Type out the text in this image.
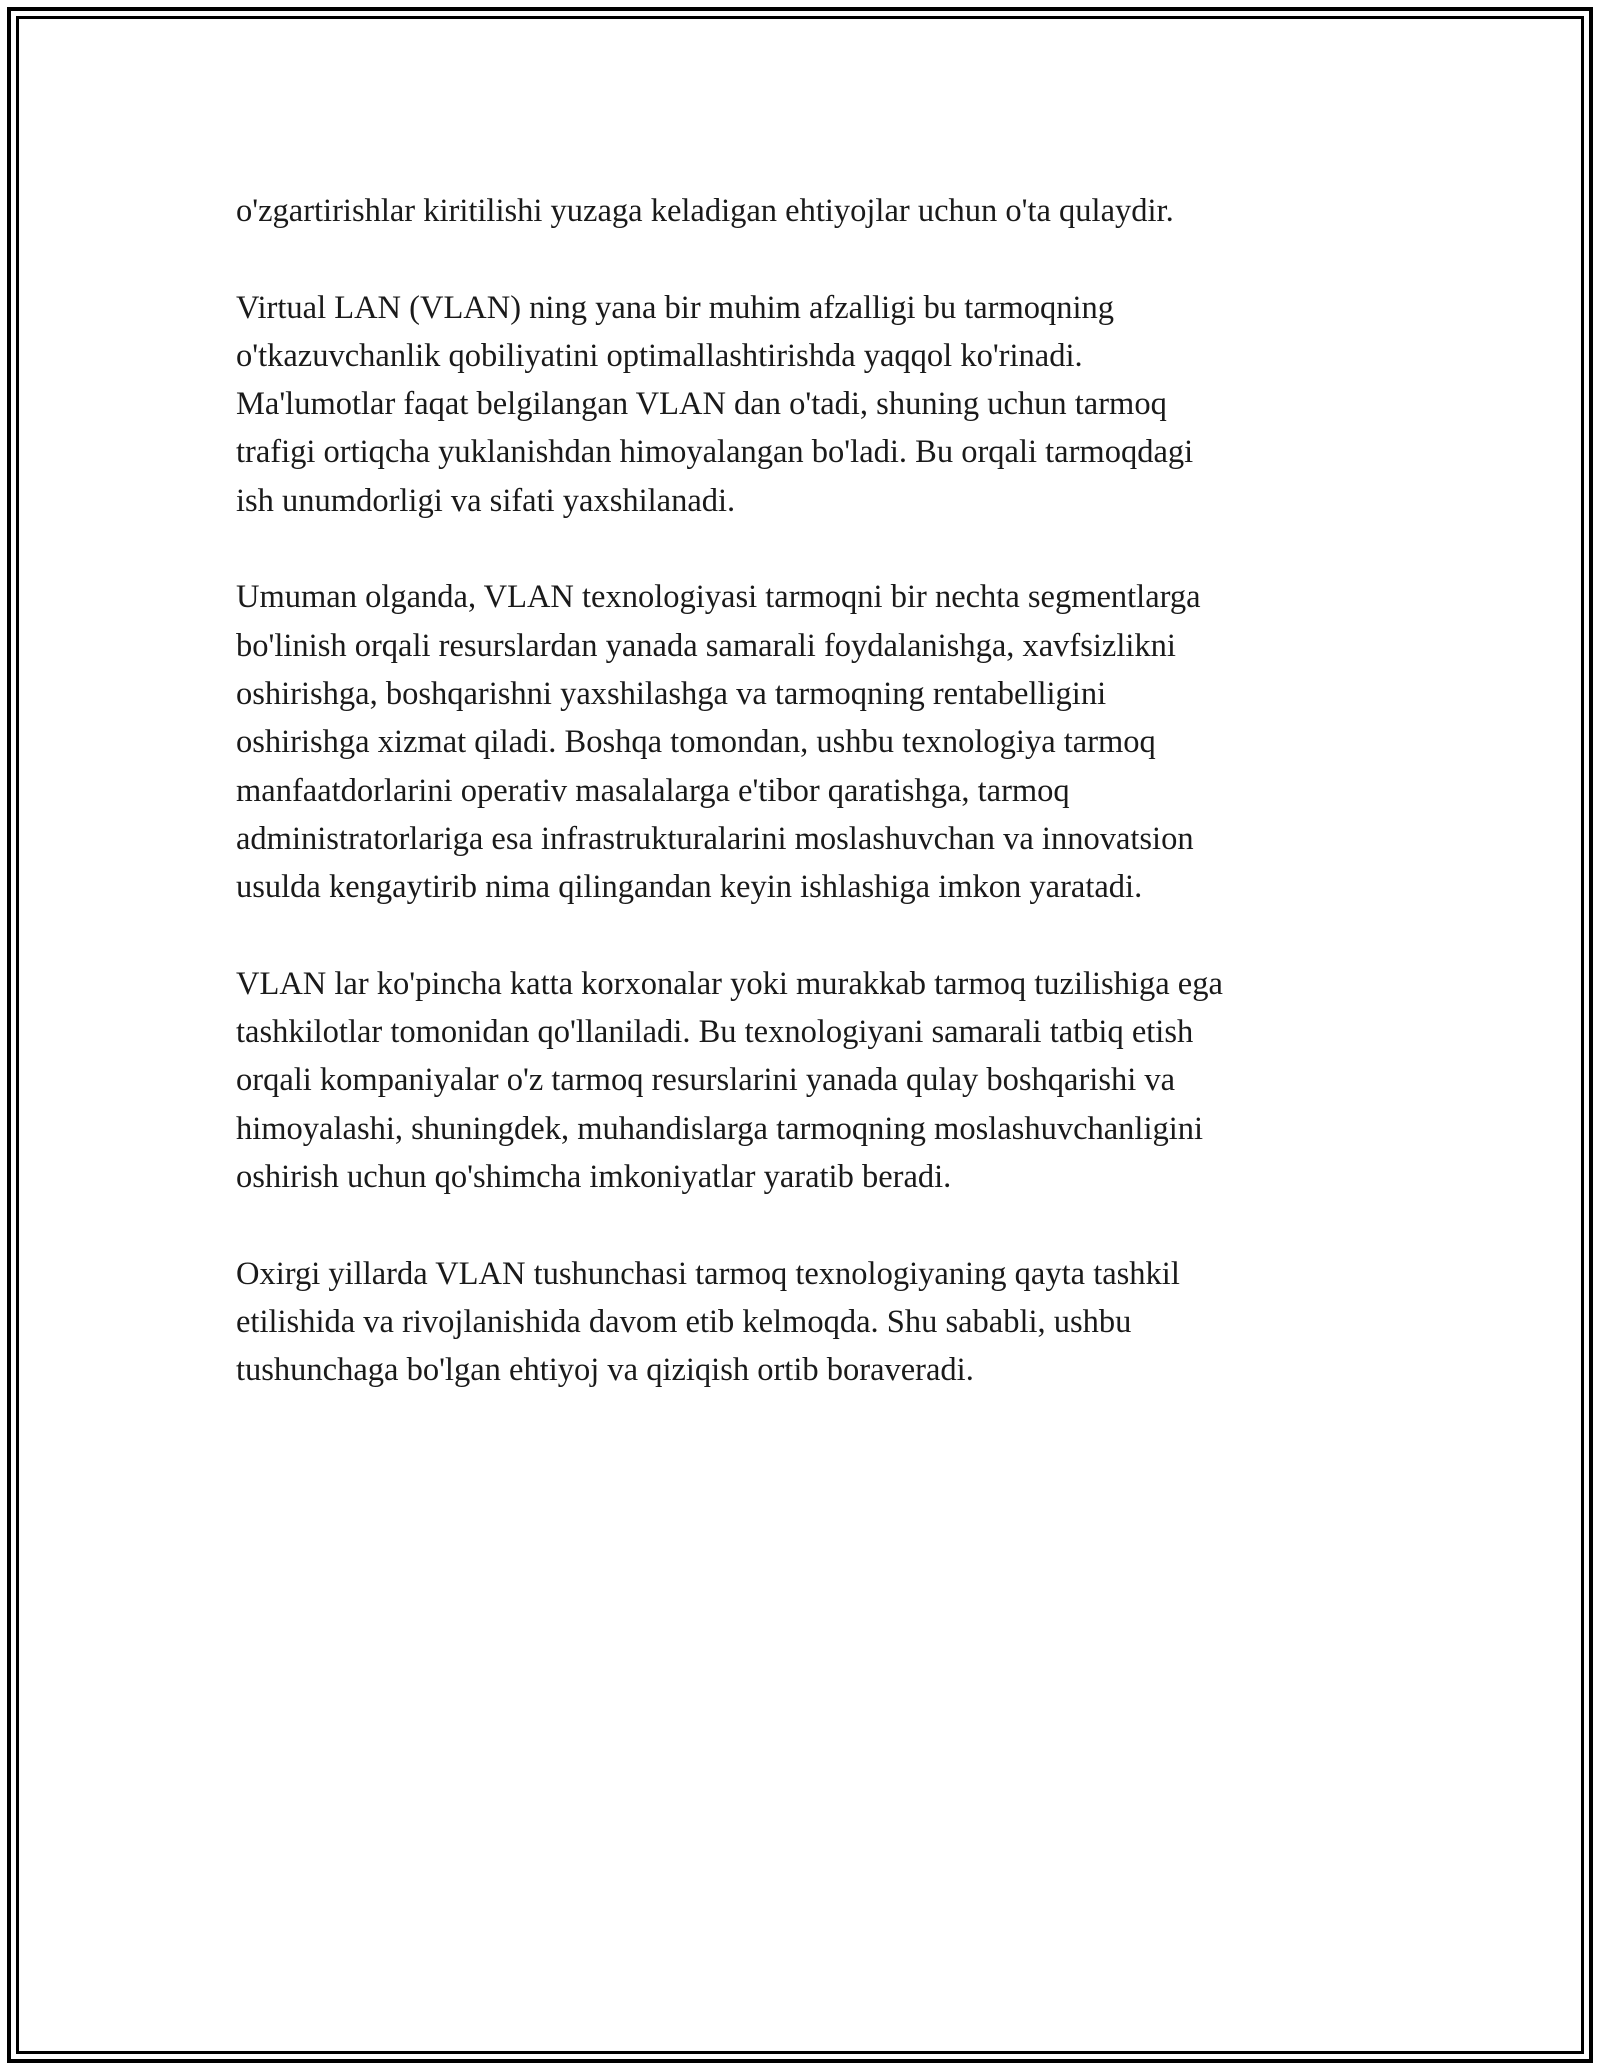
o'zgartirishlar kiritilishi yuzaga keladigan ehtiyojlar uchun o'ta qulaydir.

Virtual LAN (VLAN) ning yana bir muhim afzalligi bu tarmoqning
o'tkazuvchanlik qobiliyatini optimallashtirishda yaqqol ko'rinadi.
Ma'lumotlar faqat belgilangan VLAN dan o'tadi, shuning uchun tarmoq
trafigi ortiqcha yuklanishdan himoyalangan bo'ladi. Bu orqali tarmoqdagi
ish unumdorligi va sifati yaxshilanadi.

Umuman olganda, VLAN texnologiyasi tarmoqni bir nechta segmentlarga
bo'linish orqali resurslardan yanada samarali foydalanishga, xavfsizlikni
oshirishga, boshqarishni yaxshilashga va tarmoqning rentabelligini
oshirishga xizmat qiladi. Boshqa tomondan, ushbu texnologiya tarmoq
manfaatdorlarini operativ masalalarga e'tibor qaratishga, tarmoq
administratorlariga esa infrastrukturalarini moslashuvchan va innovatsion
usulda kengaytirib nima qilingandan keyin ishlashiga imkon yaratadi.

VLAN lar ko'pincha katta korxonalar yoki murakkab tarmoq tuzilishiga ega
tashkilotlar tomonidan qo'llaniladi. Bu texnologiyani samarali tatbiq etish
orqali kompaniyalar o'z tarmoq resurslarini yanada qulay boshqarishi va
himoyalashi, shuningdek, muhandislarga tarmoqning moslashuvchanligini
oshirish uchun qo'shimcha imkoniyatlar yaratib beradi.

Oxirgi yillarda VLAN tushunchasi tarmoq texnologiyaning qayta tashkil
etilishida va rivojlanishida davom etib kelmoqda. Shu sababli, ushbu
tushunchaga bo'lgan ehtiyoj va qiziqish ortib boraveradi.
